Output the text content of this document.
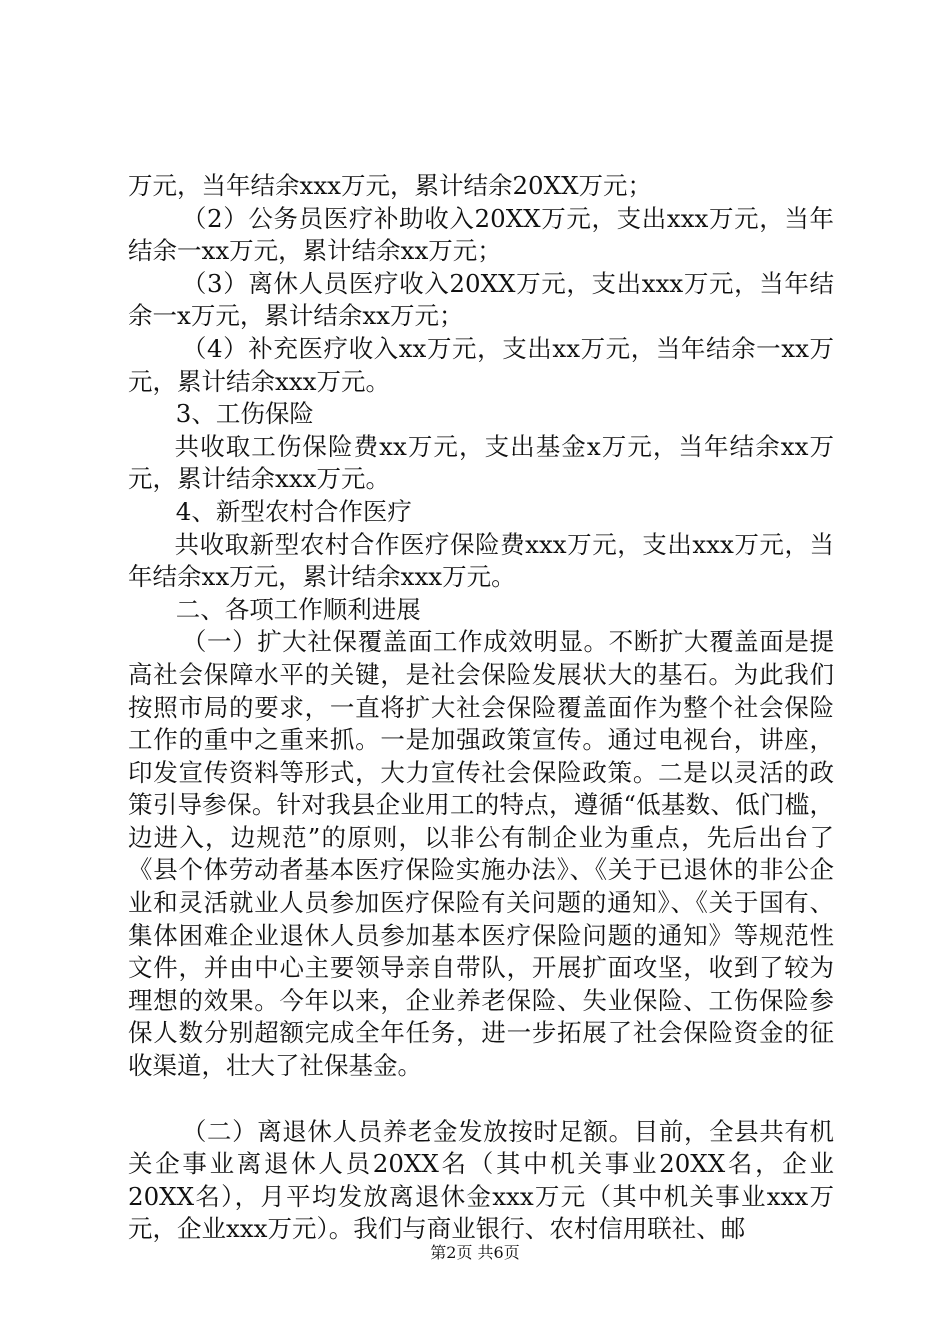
万元，当年结余xxx万元，累计结余20XX万元；

（2）公务员医疗补助收入20XX万元，支出xxx万元，当年结余一xx万元，累计结余xx万元；

（3）离休人员医疗收入20XX万元，支出xxx万元，当年结余一x万元，累计结余xx万元；

（4）补充医疗收入xx万元，支出xx万元，当年结余一xx万元，累计结余xxx万元。

3、工伤保险

共收取工伤保险费xx万元，支出基金x万元，当年结余xx万元，累计结余xxx万元。

4、新型农村合作医疗

共收取新型农村合作医疗保险费xxx万元，支出xxx万元，当年结余xx万元，累计结余xxx万元。

二、各项工作顺利进展

（一）扩大社保覆盖面工作成效明显。不断扩大覆盖面是提高社会保障水平的关键，是社会保险发展状大的基石。为此我们按照市局的要求，一直将扩大社会保险覆盖面作为整个社会保险工作的重中之重来抓。一是加强政策宣传。通过电视台，讲座，印发宣传资料等形式，大力宣传社会保险政策。二是以灵活的政策引导参保。针对我县企业用工的特点，遵循“低基数、低门槛，边进入，边规范”的原则，以非公有制企业为重点，先后出台了《县个体劳动者基本医疗保险实施办法》、《关于已退休的非公企业和灵活就业人员参加医疗保险有关问题的通知》、《关于国有、集体困难企业退休人员参加基本医疗保险问题的通知》等规范性文件，并由中心主要领导亲自带队，开展扩面攻坚，收到了较为理想的效果。今年以来，企业养老保险、失业保险、工伤保险参保人数分别超额完成全年任务，进一步拓展了社会保险资金的征收渠道，壮大了社保基金。

（二）离退休人员养老金发放按时足额。目前，全县共有机关企事业离退休人员20XX名（其中机关事业20XX名，企业20XX名），月平均发放离退休金xxx万元（其中机关事业xxx万元，企业xxx万元）。我们与商业银行、农村信用联社、邮

第2页 共6页
